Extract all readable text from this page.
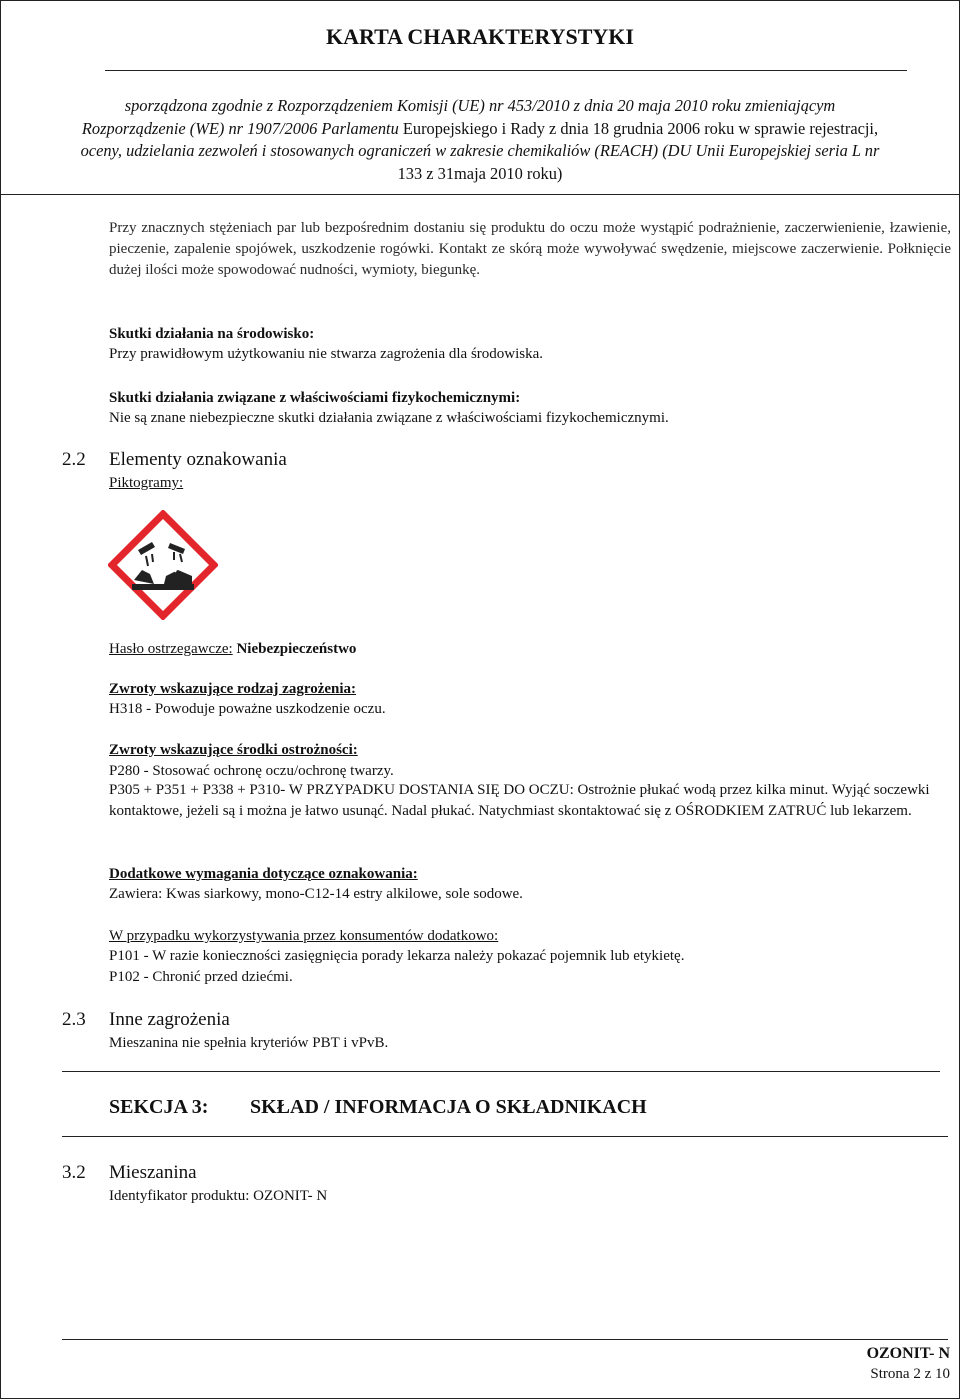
KARTA CHARAKTERYSTYKI
sporządzona zgodnie z Rozporządzeniem Komisji (UE) nr 453/2010 z dnia 20 maja 2010 roku zmieniającym
Rozporządzenie (WE) nr 1907/2006 Parlamentu Europejskiego i Rady z dnia 18 grudnia 2006 roku w sprawie rejestracji,
oceny, udzielania zezwoleń i stosowanych ograniczeń w zakresie chemikaliów (REACH) (DU Unii Europejskiej seria L nr
133 z 31maja 2010 roku)
Przy znacznych stężeniach par lub bezpośrednim dostaniu się produktu do oczu może wystąpić podrażnienie, zaczerwienienie, łzawienie, pieczenie, zapalenie spojówek, uszkodzenie rogówki. Kontakt ze skórą może wywoływać swędzenie, miejscowe zaczerwienie. Połknięcie dużej ilości może spowodować nudności, wymioty, biegunkę.
Skutki działania na środowisko:
Przy prawidłowym użytkowaniu nie stwarza zagrożenia dla środowiska.
Skutki działania związane z właściwościami fizykochemicznymi:
Nie są znane niebezpieczne skutki działania związane z właściwościami fizykochemicznymi.
2.2 Elementy oznakowania
Piktogramy:
Hasło ostrzegawcze: Niebezpieczeństwo
Zwroty wskazujące rodzaj zagrożenia:
H318 - Powoduje poważne uszkodzenie oczu.
Zwroty wskazujące środki ostrożności:
P280 - Stosować ochronę oczu/ochronę twarzy.
P305 + P351 + P338 + P310- W PRZYPADKU DOSTANIA SIĘ DO OCZU: Ostrożnie płukać wodą przez kilka minut. Wyjąć soczewki kontaktowe, jeżeli są i można je łatwo usunąć. Nadal płukać. Natychmiast skontaktować się z OŚRODKIEM ZATRUĆ lub lekarzem.
Dodatkowe wymagania dotyczące oznakowania:
Zawiera: Kwas siarkowy, mono-C12-14 estry alkilowe, sole sodowe.
W przypadku wykorzystywania przez konsumentów dodatkowo:
P101 - W razie konieczności zasięgnięcia porady lekarza należy pokazać pojemnik lub etykietę.
P102 - Chronić przed dziećmi.
2.3 Inne zagrożenia
Mieszanina nie spełnia kryteriów PBT i vPvB.
SEKCJA 3: SKŁAD / INFORMACJA O SKŁADNIKACH
3.2 Mieszanina
Identyfikator produktu: OZONIT- N
OZONIT- N
Strona 2 z 10
